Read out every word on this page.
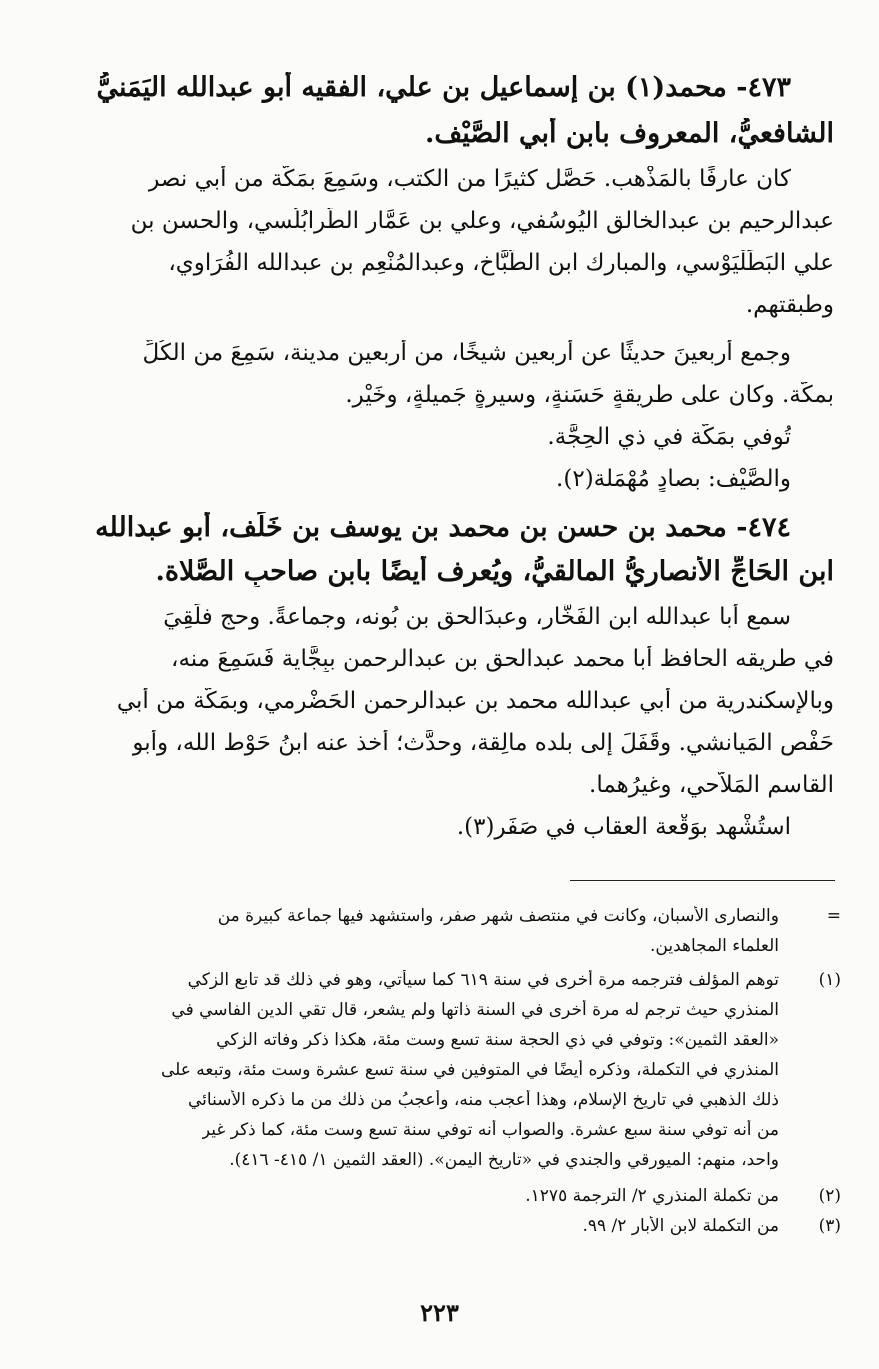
٤٧٣- محمد(١) بن إسماعيل بن علي، الفقيه أبو عبدالله اليَمَنيُّ

الشافعيُّ، المعروف بابن أبي الصَّيْف.

كان عارفًا بالمَذْهب. حَصَّل كثيرًا من الكتب، وسَمِعَ بمَكَّة من أبي نصر

عبدالرحيم بن عبدالخالق اليُوسُفي، وعلي بن عَمَّار الطَّرابُلُسي، والحسن بن

علي البَطَلْيَوْسي، والمبارك ابن الطَّبَّاخ، وعبدالمُنْعِم بن عبدالله الفُرَاوي،

وطبقتهم.

وجمع أربعينَ حديثًا عن أربعين شيخًا، من أربعين مدينة، سَمِعَ من الكُلِّ

بمكَّة. وكان على طريقةٍ حَسَنةٍ، وسيرةٍ جَميلةٍ، وخَيْرٍ.

تُوفي بمَكَّة في ذي الحِجَّة.

والصَّيْف: بصادٍ مُهْمَلة(٢).

٤٧٤- محمد بن حسن بن محمد بن يوسف بن خَلَف، أبو عبدالله

ابن الحَاجِّ الأنصاريُّ المالقيُّ، ويُعرف أيضًا بابن صاحبِ الصَّلاة.

سمع أبا عبدالله ابن الفَخَّار، وعبدَالحق بن بُونه، وجماعةً. وحج فلَقِيَ

في طريقه الحافظ أبا محمد عبدالحق بن عبدالرحمن ببِجَّاية فَسَمِعَ منه،

وبالإسكندرية من أبي عبدالله محمد بن عبدالرحمن الحَضْرمي، وبمَكَّة من أبي

حَفْص المَيانشي. وقَفَلَ إلى بلده مالِقة، وحدَّث؛ أخذ عنه ابنُ حَوْط الله، وأبو

القاسم المَلاَّحي، وغيرُهما.

استُشْهِد بوَقْعة العقاب في صَفَر(٣).

=

والنصارى الأسبان، وكانت في منتصف شهر صفر، واستشهد فيها جماعة كبيرة من

العلماء المجاهدين.

(١)

توهم المؤلف فترجمه مرة أخرى في سنة ٦١٩ كما سيأتي، وهو في ذلك قد تابع الزكي

المنذري حيث ترجم له مرة أخرى في السنة ذاتها ولم يشعر، قال تقي الدين الفاسي في

«العقد الثمين»: وتوفي في ذي الحجة سنة تسع وست مئة، هكذا ذكر وفاته الزكي

المنذري في التكملة، وذكره أيضًا في المتوفين في سنة تسع عشرة وست مئة، وتبعه على

ذلك الذهبي في تاريخ الإسلام، وهذا أعجب منه، وأعجبُ من ذلك من ما ذكره الأسنائي

من أنه توفي سنة سبع عشرة. والصواب أنه توفي سنة تسع وست مئة، كما ذكر غير

واحد، منهم: الميورقي والجندي في «تاريخ اليمن». (العقد الثمين ١/ ٤١٥- ٤١٦).

(٢)

من تكملة المنذري ٢/ الترجمة ١٢٧٥.

(٣)

من التكملة لابن الأبار ٢/ ٩٩.

٢٢٣
